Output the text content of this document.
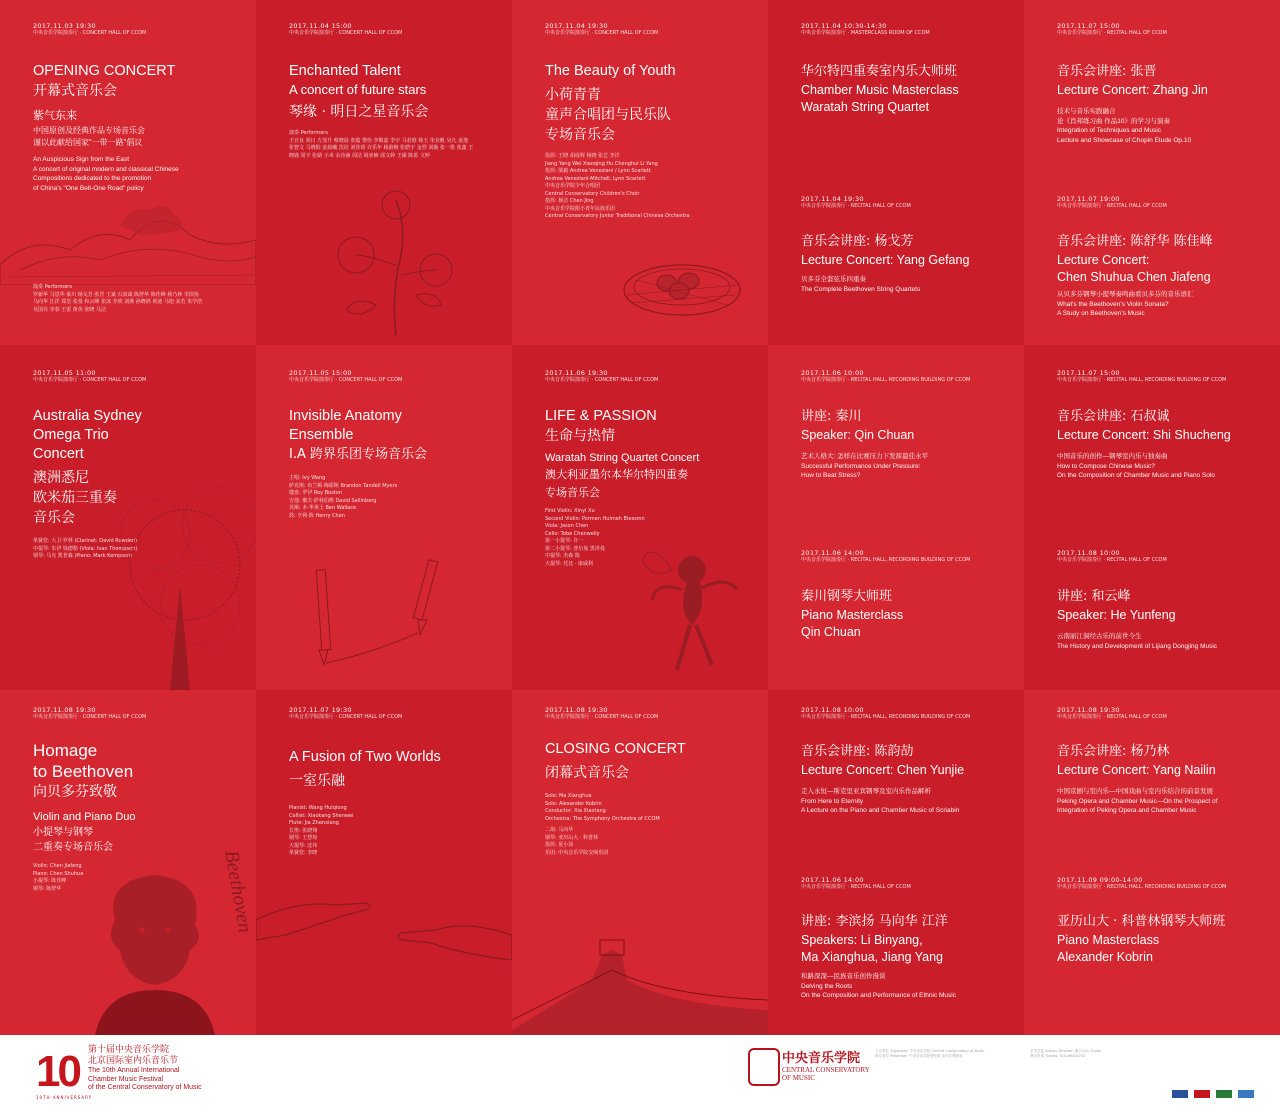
2017.11.03 19:30
中央音乐学院演奏厅 · CONCERT HALL OF CCOM
OPENING CONCERT
开幕式音乐会
紫气东来
中国原创及经典作品专场音乐会
谨以此献给国家“一带一路”倡议
An Auspicious Sign from the East
A concert of original modern and classical Chinese
Compositions dedicated to the promotion
of China's "One Belt-One Road" policy
演奏 Performers
罗新华 马思华 秦川 杨戈芳 张晋 王斌 石叔诚 陈舒华 陈佳峰 杨乃林 李滨扬 马向华 江洋 郑荃 张曼 和云峰 张冰 李欣 刘燕 孙晓鸿 黄迪 马旭 宋若 朱学浩 吴国亮 李春 王雷 黄英 张晓 马洁
2017.11.04 15:00
中央音乐学院演奏厅 · CONCERT HALL OF CCOM
Enchanted Talent
A concert of future stars
琴缘 · 明日之星音乐会
演奏 Performers
王宫良 胡日 方蒸升 蔡晓晨 张蕴 黎佳 李敬嘉 李宇 马若晗 杨玉 朱业帆 吴凡 姜逸 张智文 马晓阳 姜晨曦 沈培 刘佳琦 许乐年 杨蔚婉 张皓宇 金烈 刘璇 张一墨 张鑫 王晓鹿 周宇 张婧 小米 余诗涵 周洁 胡亚楠 邱文婷 王硕 陈希 文婷
2017.11.04 19:30
中央音乐学院演奏厅 · CONCERT HALL OF CCOM
The Beauty of Youth
小荷青青
童声合唱团与民乐队
专场音乐会
指挥: 王晓 胡成辉 杨晓 张艺 李洋
Jiang Yang Wei Xiaoqing Hu Chenghui Li Yang
指挥: 梁毅 Andrea Veneziani / Lynn Scarlett
Andrea Veneziani-Mitchell, Lynn Scarlett
中央音乐学院少年合唱团
Central Conservatory Children's Choir
指挥: 杨洁 Chen Jing
中央音乐学院附小青年民族乐团
Central Conservatory Junior Traditional Chinese Orchestra
2017.11.04 10:30-14:30
中央音乐学院演奏厅 · MASTERCLASS ROOM OF CCOM
华尔特四重奏室内乐大师班
Chamber Music Masterclass
Waratah String Quartet
2017.11.04 19:30
中央音乐学院演奏厅 · RECITAL HALL OF CCOM
音乐会讲座: 杨戈芳
Lecture Concert: Yang Gefang
贝多芬全套弦乐四重奏
The Complete Beethoven String Quartets
2017.11.07 15:00
中央音乐学院演奏厅 · RECITAL HALL OF CCOM
音乐会讲座: 张晋
Lecture Concert: Zhang Jin
技术与音乐实践融合
论《肖邦练习曲 作品10》的学习与演奏
Integration of Techniques and Music
Lecture and Showcase of Chopin Etude Op.10
2017.11.07 19:00
中央音乐学院演奏厅 · RECITAL HALL OF CCOM
音乐会讲座: 陈舒华 陈佳峰
Lecture Concert:
Chen Shuhua Chen Jiafeng
从贝多芬钢琴小提琴奏鸣曲看贝多芬的音乐语汇
What's the Beethoven's Violin Sonata?
A Study on Beethoven's Music
2017.11.05 11:00
中央音乐学院演奏厅 · CONCERT HALL OF CCOM
Australia Sydney
Omega Trio
Concert
澳洲悉尼
欧米茄三重奏
音乐会
单簧管: 大卫·罗林 (Clarinet: David Rowden)
中提琴: 朱伊 钱德勒 (Viola: Ivan Thompson)
钢琴: 马克 凯普森 (Piano: Mark Kempson)
2017.11.05 15:00
中央音乐学院演奏厅 · CONCERT HALL OF CCOM
Invisible Anatomy
Ensemble
I.A 跨界乐团专场音乐会
主唱: Ivy Wang
萨克斯: 布兰顿·梅耶斯 Brandon Tandell Myers
键盘: 罗伊 Roy Boston
吉他: 戴夫·萨林伯格 David Sallinberg
贝斯: 本·华莱士 Ben Wallace
鼓: 亨利·陈 Henry Chen
2017.11.06 19:30
中央音乐学院演奏厅 · CONCERT HALL OF CCOM
LIFE & PASSION
生命与热情
Waratah String Quartet Concert
澳大利亚墨尔本华尔特四重奏
专场音乐会
First Violin: Xinyi Xu
Second Violin: Pormen Huimeh Blessmn
Viola: Jason Chen
Cello: Tobe Chenwelly
第一小提琴: 许一
第二小提琴: 普尔曼 黑泽曼
中提琴: 杰森 陈
大提琴: 托比 · 康威利
2017.11.06 10:00
中央音乐学院演奏厅 · RECITAL HALL, RECORDING BUILDING OF CCOM
讲座: 秦川
Speaker: Qin Chuan
艺术人格大: 怎样在比赛压力下发挥最佳水平
Successful Performance Under Pressure:
How to Beat Stress?
2017.11.06 14:00
中央音乐学院演奏厅 · RECITAL HALL, RECORDING BUILDING OF CCOM
秦川钢琴大师班
Piano Masterclass
Qin Chuan
2017.11.07 15:00
中央音乐学院演奏厅 · RECITAL HALL, RECORDING BUILDING OF CCOM
音乐会讲座: 石叔诚
Lecture Concert: Shi Shucheng
中国音乐的创作—钢琴室内乐与独奏曲
How to Compose Chinese Music?
On the Composition of Chamber Music and Piano Solo
2017.11.08 10:00
中央音乐学院演奏厅 · RECITAL HALL OF CCOM
讲座: 和云峰
Speaker: He Yunfeng
云南丽江洞经古乐的前世今生
The History and Development of Lijiang Dongjing Music
2017.11.08 19:30
中央音乐学院演奏厅 · CONCERT HALL OF CCOM
Homage
to Beethoven
向贝多芬致敬
Violin and Piano Duo
小提琴与钢琴
二重奏专场音乐会
Violin: Chen Jiafeng
Piano: Chen Shuhua
小提琴: 陈佳峰
钢琴: 陈舒华	Beethoven
2017.11.07 19:30
中央音乐学院演奏厅 · CONCERT HALL OF CCOM
A Fusion of Two Worlds
一室乐融
Pianist: Wang Huiqiong
Cellist: Xiaokang Shenwei
Flute: Jia Zhenxiang
长笛: 张晓翔
钢琴: 王慧琼
大提琴: 沈伟
单簧管: 李晓
2017.11.08 19:30
中央音乐学院演奏厅 · CONCERT HALL OF CCOM
CLOSING CONCERT
闭幕式音乐会
Solo: Ma Xianghua
Solo: Alexander Kobrin
Conductor: Xia Xiaotang
Orchestra: The Symphony Orchestra of CCOM
二胡: 马向华
钢琴: 亚历山大 · 科普林
指挥: 夏小汤
乐团: 中央音乐学院交响乐团
2017.11.08 10:00
中央音乐学院演奏厅 · RECITAL HALL, RECORDING BUILDING OF CCOM
音乐会讲座: 陈韵劼
Lecture Concert: Chen Yunjie
走入永恒—斯克里亚宾钢琴及室内乐作品解析
From Here to Eternity
A Lecture on the Piano and Chamber Music of Scriabin
2017.11.06 14:00
中央音乐学院演奏厅 · RECITAL HALL OF CCOM
讲座: 李滨扬 马向华 江洋
Speakers: Li Binyang,
Ma Xianghua, Jiang Yang
和路深深—民族音乐创作漫谈
Delving the Roots
On the Composition and Performance of Ethnic Music
2017.11.08 19:30
中央音乐学院演奏厅 · RECITAL HALL OF CCOM
音乐会讲座: 杨乃林
Lecture Concert: Yang Nailin
中国京剧与室内乐—中国戏曲与室内乐结合的前景发展
Peking Opera and Chamber Music—On the Prospect of
Integration of Peking Opera and Chamber Music
2017.11.09 09:00-14:00
中央音乐学院演奏厅 · RECITAL HALL, RECORDING BUILDING OF CCOM
亚历山大 · 科普林钢琴大师班
Piano Masterclass
Alexander Kobrin
10
10TH ANNIVERSARY
第十届中央音乐学院
北京国际室内乐音乐节
The 10th Annual International
Chamber Music Festival
of the Central Conservatory of Music
中央音乐学院
CENTRAL CONSERVATORY
OF MUSIC
主办单位 Organizer: 中央音乐学院 Central Conservatory of Music
承办单位 Presenter: 中央音乐学院管弦系 室内乐教研室
艺术总监 Artistic Director: 秦川 Qin Chuan
票务咨询 Tickets: 010-66425702
